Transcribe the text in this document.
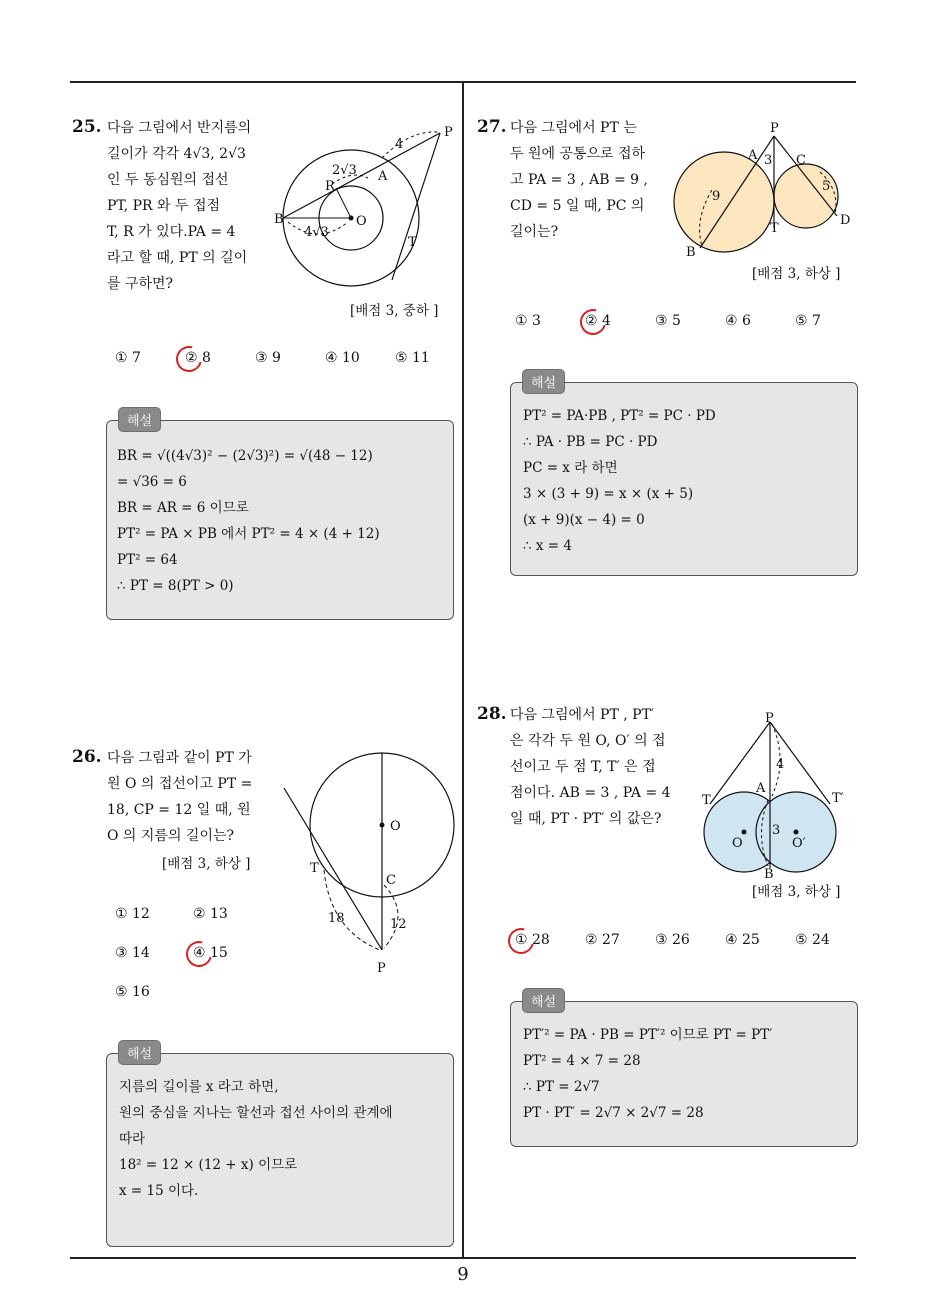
9
25. 다음 그림에서 반지름의
길이가 각각 4√3, 2√3
인 두 동심원의 접선
PT, PR 와 두 접점
T, R 가 있다.PA = 4
라고 할 때, PT 의 길이
를 구하면?
P
A
R
B	O
T
4
2√3
4√3
[배점 3, 중하 ]
① 7	② 8	③ 9	④ 10	⑤ 11
BR = √((4√3)² − (2√3)²) = √(48 − 12)
= √36 = 6
BR = AR = 6 이므로
PT² = PA × PB 에서 PT² = 4 × (4 + 12)
PT² = 64
∴ PT = 8(PT > 0)
해설
26. 다음 그림과 같이 PT 가
원 O 의 접선이고 PT =
18, CP = 12 일 때, 원
O 의 지름의 길이는?
[배점 3, 하상 ]
O
C
T
P
18	12
① 12	② 13
③ 14	④ 15
⑤ 16
지름의 길이를 x 라고 하면,
원의 중심을 지나는 할선과 접선 사이의 관계에
따라
18² = 12 × (12 + x) 이므로
x = 15 이다.
해설
27. 다음 그림에서 PT 는
두 원에 공통으로 접하
고 PA = 3 , AB = 9 ,
CD = 5 일 때, PC 의
길이는?
P
A	C
B
T
D
3
9
5
[배점 3, 하상 ]
① 3	② 4	③ 5	④ 6	⑤ 7
PT² = PA·PB , PT² = PC · PD
∴ PA · PB = PC · PD
PC = x 라 하면
3 × (3 + 9) = x × (x + 5)
(x + 9)(x − 4) = 0
∴ x = 4
해설
28. 다음 그림에서 PT , PT′
은 각각 두 원 O, O′ 의 접
선이고 두 점 T, T′ 은 접
점이다. AB = 3 , PA = 4
일 때, PT · PT′ 의 값은?
P
A
B
T	T′
O	O′
4
3
[배점 3, 하상 ]
① 28	② 27	③ 26	④ 25	⑤ 24
PT′² = PA · PB = PT′² 이므로 PT = PT′
PT² = 4 × 7 = 28
∴ PT = 2√7
PT · PT′ = 2√7 × 2√7 = 28
해설
